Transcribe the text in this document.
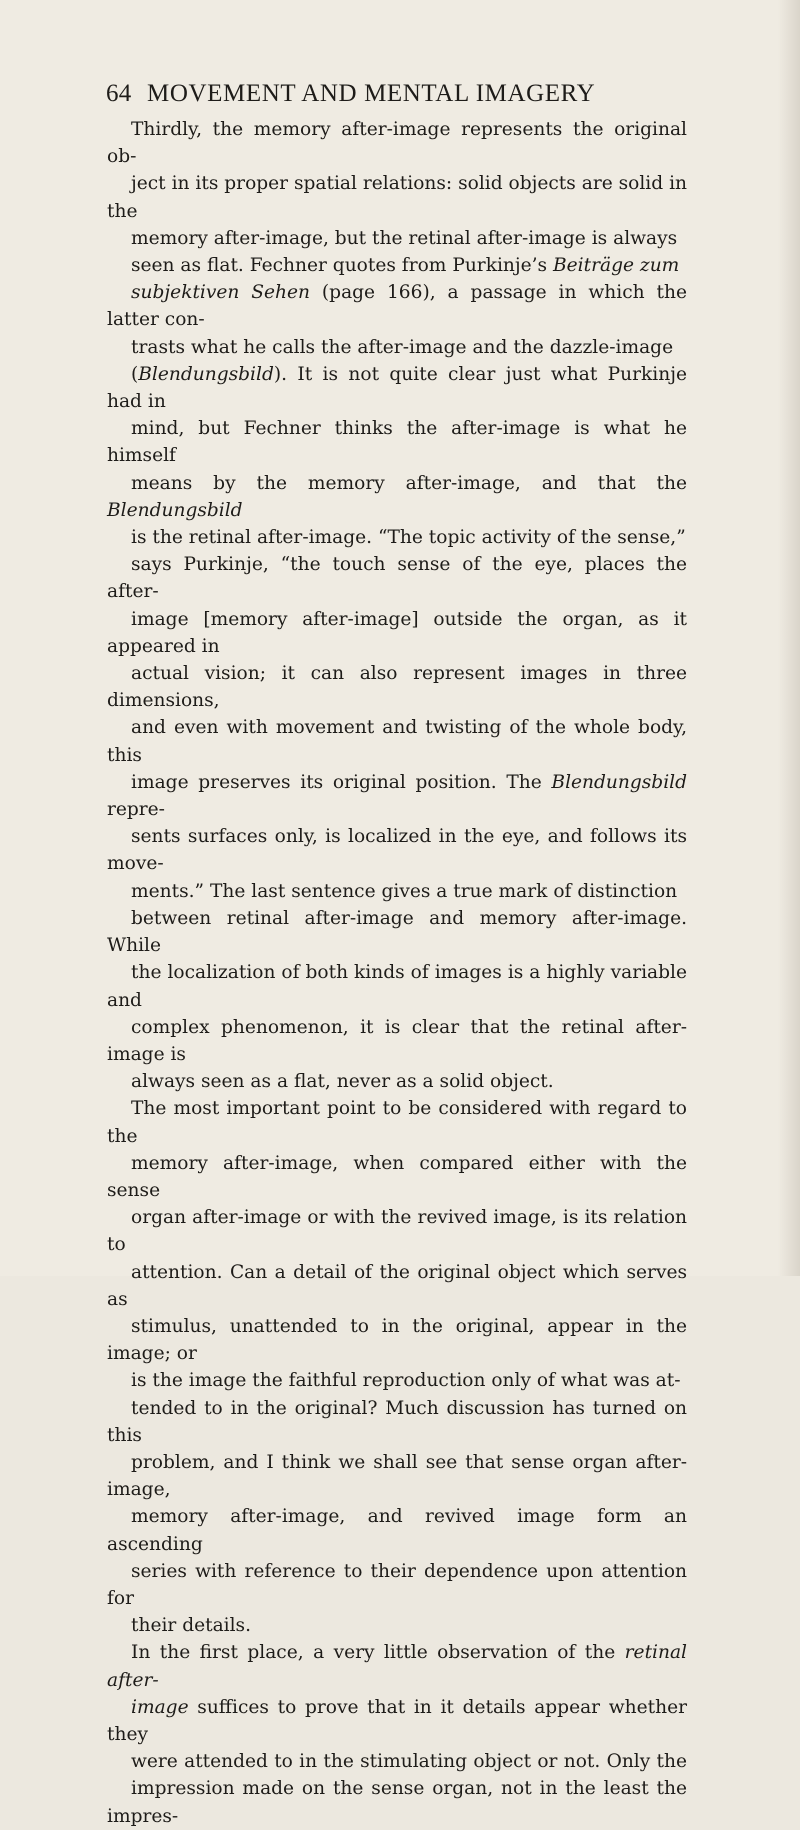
64 MOVEMENT AND MENTAL IMAGERY

Thirdly, the memory after-image represents the original ob-
ject in its proper spatial relations: solid objects are solid in the
memory after-image, but the retinal after-image is always
seen as flat. Fechner quotes from Purkinje’s Beiträge zum
subjektiven Sehen (page 166), a passage in which the latter con-
trasts what he calls the after-image and the dazzle-image
(Blendungsbild). It is not quite clear just what Purkinje had in
mind, but Fechner thinks the after-image is what he himself
means by the memory after-image, and that the Blendungsbild
is the retinal after-image. “The topic activity of the sense,”
says Purkinje, “the touch sense of the eye, places the after-
image [memory after-image] outside the organ, as it appeared in
actual vision; it can also represent images in three dimensions,
and even with movement and twisting of the whole body, this
image preserves its original position. The Blendungsbild repre-
sents surfaces only, is localized in the eye, and follows its move-
ments.” The last sentence gives a true mark of distinction
between retinal after-image and memory after-image. While
the localization of both kinds of images is a highly variable and
complex phenomenon, it is clear that the retinal after-image is
always seen as a flat, never as a solid object.

The most important point to be considered with regard to the
memory after-image, when compared either with the sense
organ after-image or with the revived image, is its relation to
attention. Can a detail of the original object which serves as
stimulus, unattended to in the original, appear in the image; or
is the image the faithful reproduction only of what was at-
tended to in the original? Much discussion has turned on this
problem, and I think we shall see that sense organ after-image,
memory after-image, and revived image form an ascending
series with reference to their dependence upon attention for
their details.

In the first place, a very little observation of the retinal after-
image suffices to prove that in it details appear whether they
were attended to in the stimulating object or not. Only the
impression made on the sense organ, not in the least the impres-
